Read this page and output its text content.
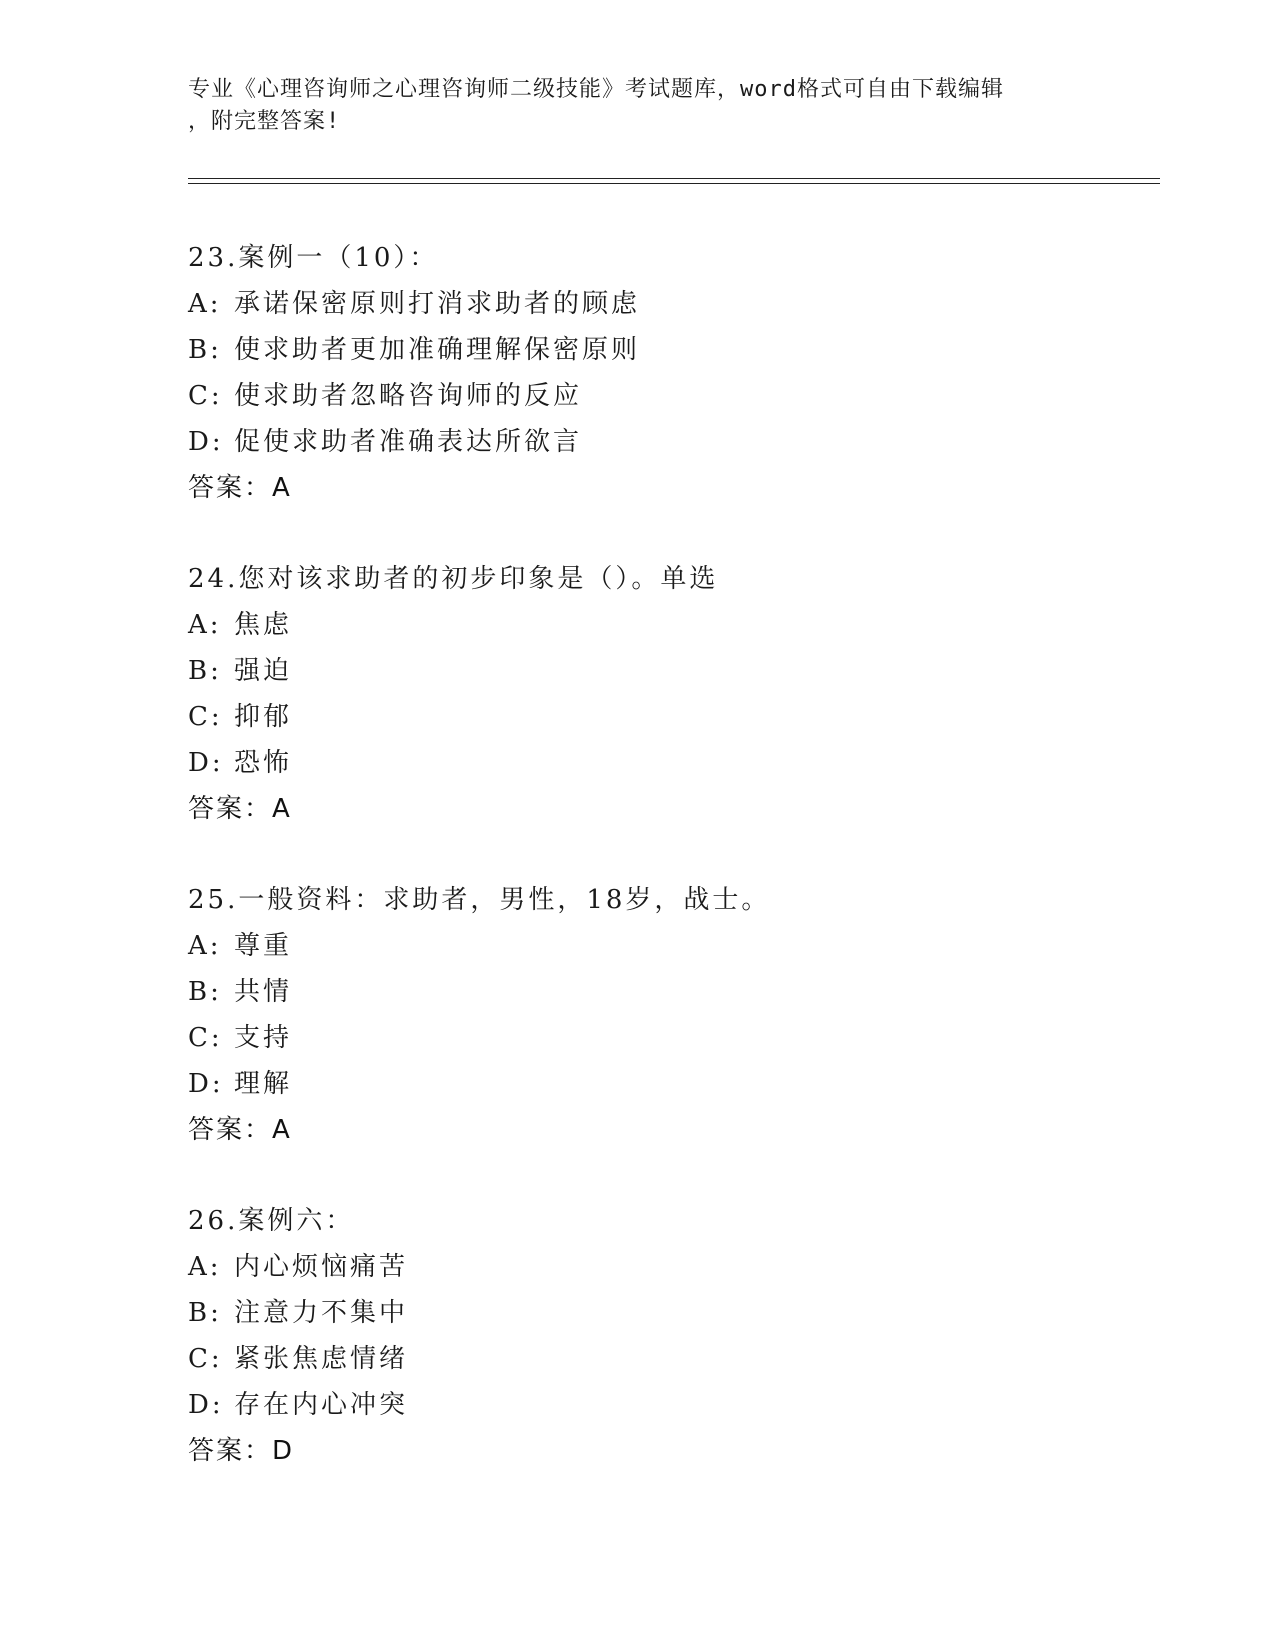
专业《心理咨询师之心理咨询师二级技能》考试题库，word格式可自由下载编辑
，附完整答案!
23.案例一（10）：
A: 承诺保密原则打消求助者的顾虑
B: 使求助者更加准确理解保密原则
C: 使求助者忽略咨询师的反应
D: 促使求助者准确表达所欲言
答案：A
24.您对该求助者的初步印象是（）。单选
A: 焦虑
B: 强迫
C: 抑郁
D: 恐怖
答案：A
25.一般资料：求助者，男性，18岁，战士。
A: 尊重
B: 共情
C: 支持
D: 理解
答案：A
26.案例六：
A: 内心烦恼痛苦
B: 注意力不集中
C: 紧张焦虑情绪
D: 存在内心冲突
答案：D
